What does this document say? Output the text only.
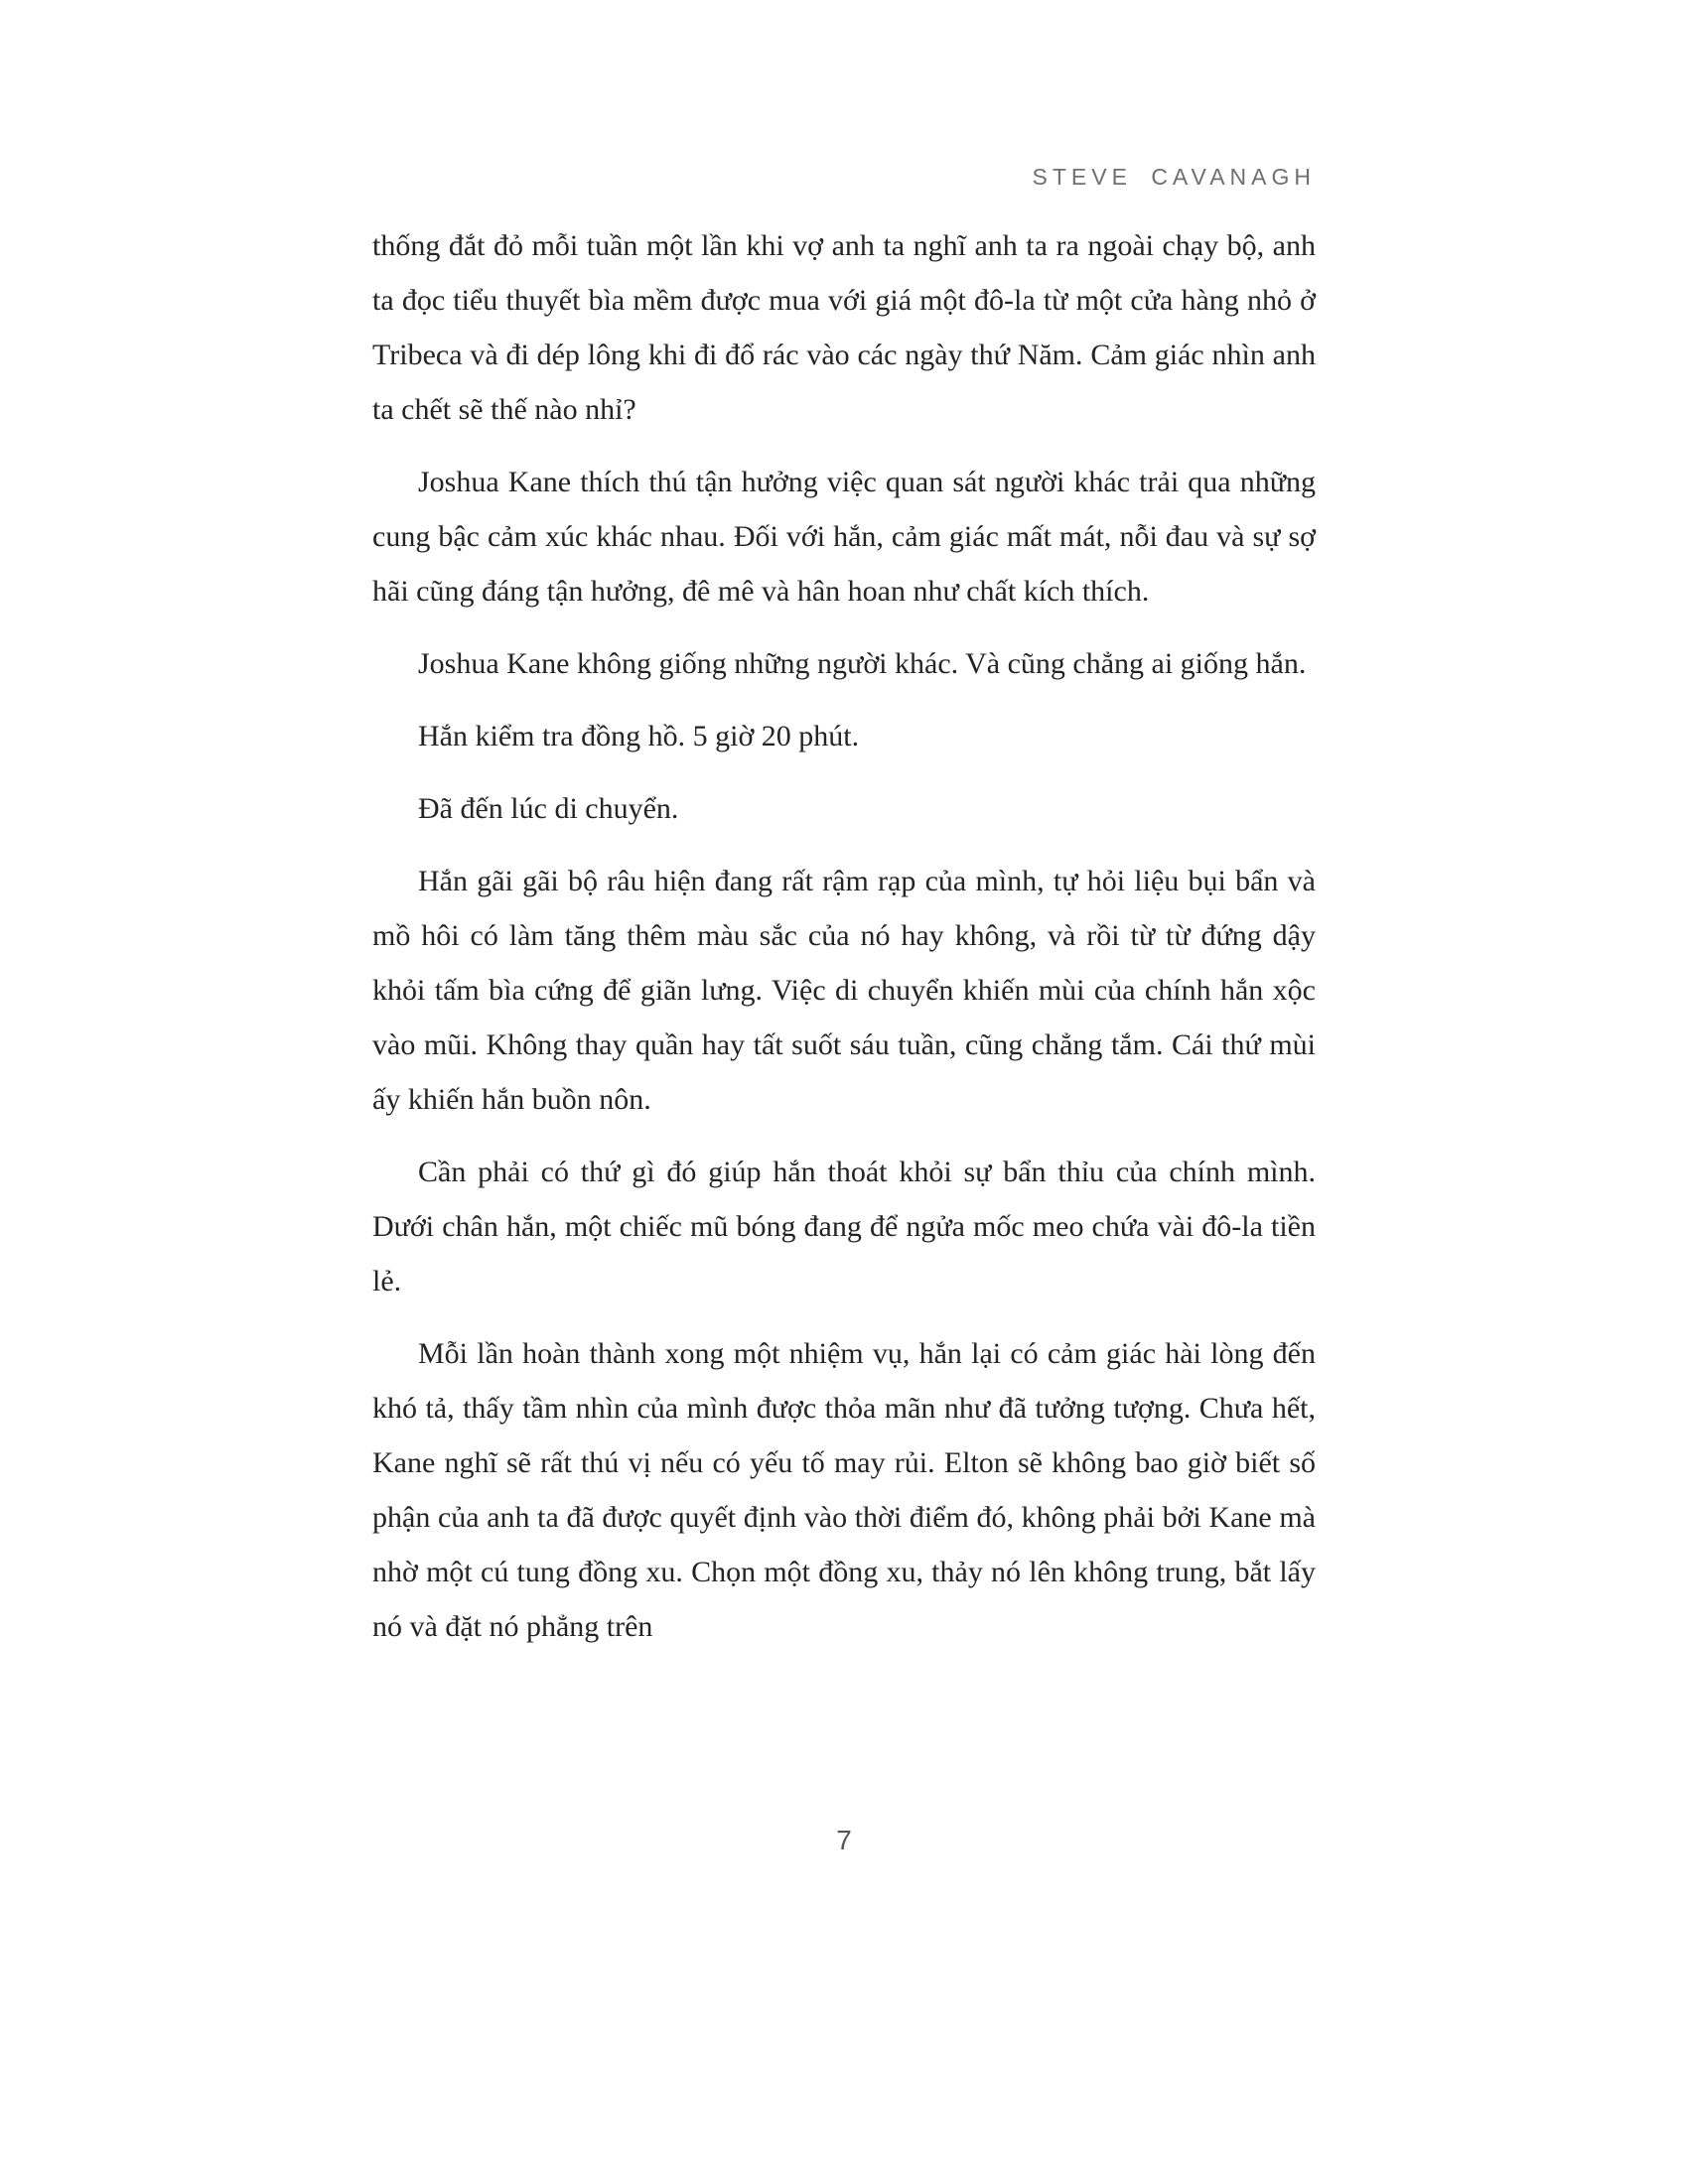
STEVE CAVANAGH

thống đắt đỏ mỗi tuần một lần khi vợ anh ta nghĩ anh ta ra ngoài chạy bộ, anh ta đọc tiểu thuyết bìa mềm được mua với giá một đô-la từ một cửa hàng nhỏ ở Tribeca và đi dép lông khi đi đổ rác vào các ngày thứ Năm. Cảm giác nhìn anh ta chết sẽ thế nào nhỉ?

Joshua Kane thích thú tận hưởng việc quan sát người khác trải qua những cung bậc cảm xúc khác nhau. Đối với hắn, cảm giác mất mát, nỗi đau và sự sợ hãi cũng đáng tận hưởng, đê mê và hân hoan như chất kích thích.

Joshua Kane không giống những người khác. Và cũng chẳng ai giống hắn.

Hắn kiểm tra đồng hồ. 5 giờ 20 phút.

Đã đến lúc di chuyển.

Hắn gãi gãi bộ râu hiện đang rất rậm rạp của mình, tự hỏi liệu bụi bẩn và mồ hôi có làm tăng thêm màu sắc của nó hay không, và rồi từ từ đứng dậy khỏi tấm bìa cứng để giãn lưng. Việc di chuyển khiến mùi của chính hắn xộc vào mũi. Không thay quần hay tất suốt sáu tuần, cũng chẳng tắm. Cái thứ mùi ấy khiến hắn buồn nôn.

Cần phải có thứ gì đó giúp hắn thoát khỏi sự bẩn thỉu của chính mình. Dưới chân hắn, một chiếc mũ bóng đang để ngửa mốc meo chứa vài đô-la tiền lẻ.

Mỗi lần hoàn thành xong một nhiệm vụ, hắn lại có cảm giác hài lòng đến khó tả, thấy tầm nhìn của mình được thỏa mãn như đã tưởng tượng. Chưa hết, Kane nghĩ sẽ rất thú vị nếu có yếu tố may rủi. Elton sẽ không bao giờ biết số phận của anh ta đã được quyết định vào thời điểm đó, không phải bởi Kane mà nhờ một cú tung đồng xu. Chọn một đồng xu, thảy nó lên không trung, bắt lấy nó và đặt nó phẳng trên

7
